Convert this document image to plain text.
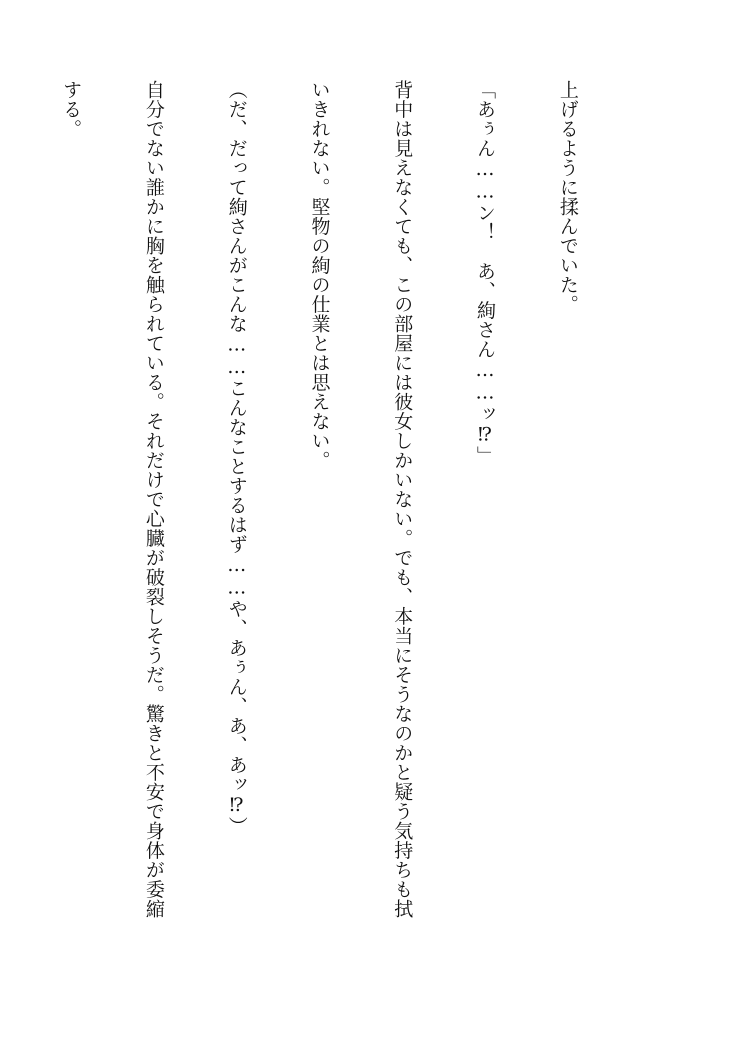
上げるように揉んでいた。

「あぅん……ン！　あ、絢さん……ッ⁉」

背中は見えなくても、この部屋には彼女しかいない。でも、本当にそうなのかと疑う気持ちも拭

いきれない。堅物の絢の仕業とは思えない。

（だ、だって絢さんがこんな……こんなことするはず……や、あぅん、あ、あッ⁉）

自分でない誰かに胸を触られている。それだけで心臓が破裂しそうだ。驚きと不安で身体が委縮

する。
